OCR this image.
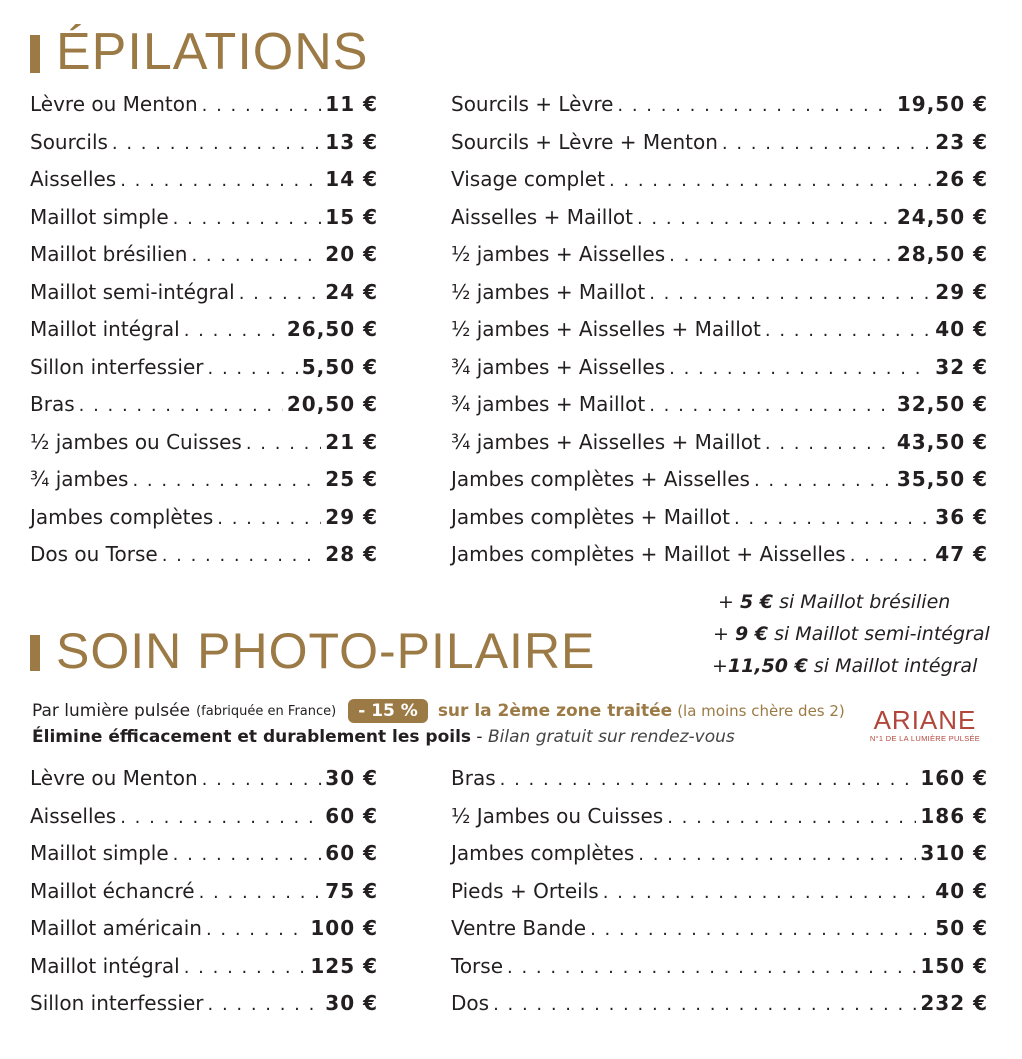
ÉPILATIONS
Lèvre ou Menton . . .	11 €
Sourcils . . .	13 €
Aisselles . . .	14 €
Maillot simple . . .	15 €
Maillot brésilien . . .	20 €
Maillot semi-intégral . . .	24 €
Maillot intégral . . .	26,50 €
Sillon interfessier . . .	5,50 €
Bras . . .	20,50 €
½ jambes ou Cuisses . . .	21 €
¾ jambes . . .	25 €
Jambes complètes . . .	29 €
Dos ou Torse . . .	28 €
Sourcils + Lèvre . . .	19,50 €
Sourcils + Lèvre + Menton . . .	23 €
Visage complet . . .	26 €
Aisselles + Maillot . . .	24,50 €
½ jambes + Aisselles . . .	28,50 €
½ jambes + Maillot . . .	29 €
½ jambes + Aisselles + Maillot . . .	40 €
¾ jambes + Aisselles . . .	32 €
¾ jambes + Maillot . . .	32,50 €
¾ jambes + Aisselles + Maillot . . .	43,50 €
Jambes complètes + Aisselles . . .	35,50 €
Jambes complètes + Maillot . . .	36 €
Jambes complètes + Maillot + Aisselles . . .	47 €
+ 5 € si Maillot brésilien
+ 9 € si Maillot semi-intégral
+11,50 € si Maillot intégral
SOIN PHOTO-PILAIRE
Par lumière pulsée (fabriquée en France)	- 15 %	sur la 2ème zone traitée (la moins chère des 2)
Élimine éfficacement et durablement les poils - Bilan gratuit sur rendez-vous
ARIANE
N°1 DE LA LUMIÈRE PULSÉE
Lèvre ou Menton . . .	30 €
Aisselles . . .	60 €
Maillot simple . . .	60 €
Maillot échancré . . .	75 €
Maillot américain . . .	100 €
Maillot intégral . . .	125 €
Sillon interfessier . . .	30 €
Bras . . .	160 €
½ Jambes ou Cuisses . . .	186 €
Jambes complètes . . .	310 €
Pieds + Orteils . . .	40 €
Ventre Bande . . .	50 €
Torse . . .	150 €
Dos . . .	232 €
